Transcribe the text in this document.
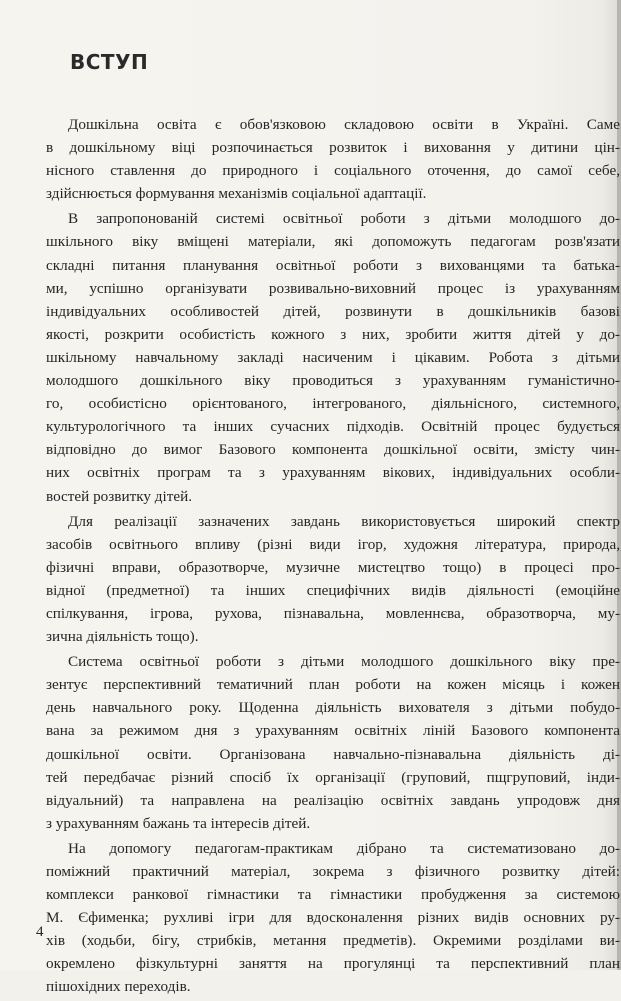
ВСТУП
Дошкільна освіта є обов'язковою складовою освіти в Україні. Саме
в дошкільному віці розпочинається розвиток і виховання у дитини цін-
нісного ставлення до природного і соціального оточення, до самої себе,
здійснюється формування механізмів соціальної адаптації.
В запропонованій системі освітньої роботи з дітьми молодшого до-
шкільного віку вміщені матеріали, які допоможуть педагогам розв'язати
складні питання планування освітньої роботи з вихованцями та батька-
ми, успішно організувати розвивально-виховний процес із урахуванням
індивідуальних особливостей дітей, розвинути в дошкільників базові
якості, розкрити особистість кожного з них, зробити життя дітей у до-
шкільному навчальному закладі насиченим і цікавим. Робота з дітьми
молодшого дошкільного віку проводиться з урахуванням гуманістично-
го, особистісно орієнтованого, інтегрованого, діяльнісного, системного,
культурологічного та інших сучасних підходів. Освітній процес будується
відповідно до вимог Базового компонента дошкільної освіти, змісту чин-
них освітніх програм та з урахуванням вікових, індивідуальних особли-
востей розвитку дітей.
Для реалізації зазначених завдань використовується широкий спектр
засобів освітнього впливу (різні види ігор, художня література, природа,
фізичні вправи, образотворче, музичне мистецтво тощо) в процесі про-
відної (предметної) та інших специфічних видів діяльності (емоційне
спілкування, ігрова, рухова, пізнавальна, мовленнєва, образотворча, му-
зична діяльність тощо).
Система освітньої роботи з дітьми молодшого дошкільного віку пре-
зентує перспективний тематичний план роботи на кожен місяць і кожен
день навчального року. Щоденна діяльність вихователя з дітьми побудо-
вана за режимом дня з урахуванням освітніх ліній Базового компонента
дошкільної освіти. Організована навчально-пізнавальна діяльність ді-
тей передбачає різний спосіб їх організації (груповий, пщгруповий, інди-
відуальний) та направлена на реалізацію освітніх завдань упродовж дня
з урахуванням бажань та інтересів дітей.
На допомогу педагогам-практикам дібрано та систематизовано до-
поміжний практичний матеріал, зокрема з фізичного розвитку дітей:
комплекси ранкової гімнастики та гімнастики пробудження за системою
М. Єфименка; рухливі ігри для вдосконалення різних видів основних ру-
хів (ходьби, бігу, стрибків, метання предметів). Окремими розділами ви-
окремлено фізкультурні заняття на прогулянці та перспективний план
пішохідних переходів.
4
